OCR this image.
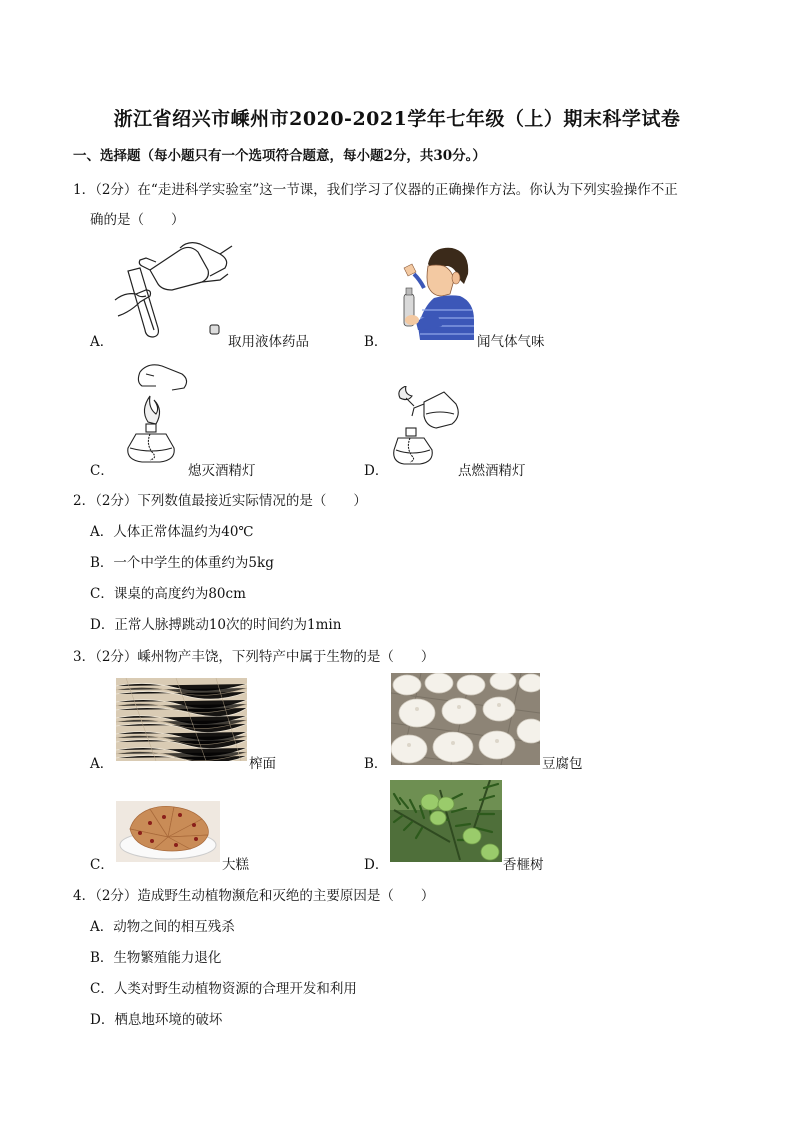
浙江省绍兴市嵊州市2020-2021学年七年级（上）期末科学试卷
一、选择题（每小题只有一个选项符合题意，每小题2分，共30分。）
1．（2分）在“走进科学实验室”这一节课，我们学习了仪器的正确操作方法。你认为下列实验操作不正
确的是（　　）
A．	取用液体药品	B．	闻气体气味
C．	熄灭酒精灯	D．	点燃酒精灯
2．（2分）下列数值最接近实际情况的是（　　）
A．人体正常体温约为40℃
B．一个中学生的体重约为5kg
C．课桌的高度约为80cm
D．正常人脉搏跳动10次的时间约为1min
3．（2分）嵊州物产丰饶，下列特产中属于生物的是（　　）
A．	榨面	B．	豆腐包
C．	大糕	D．	香榧树
4．（2分）造成野生动植物濒危和灭绝的主要原因是（　　）
A．动物之间的相互残杀
B．生物繁殖能力退化
C．人类对野生动植物资源的合理开发和利用
D．栖息地环境的破坏
